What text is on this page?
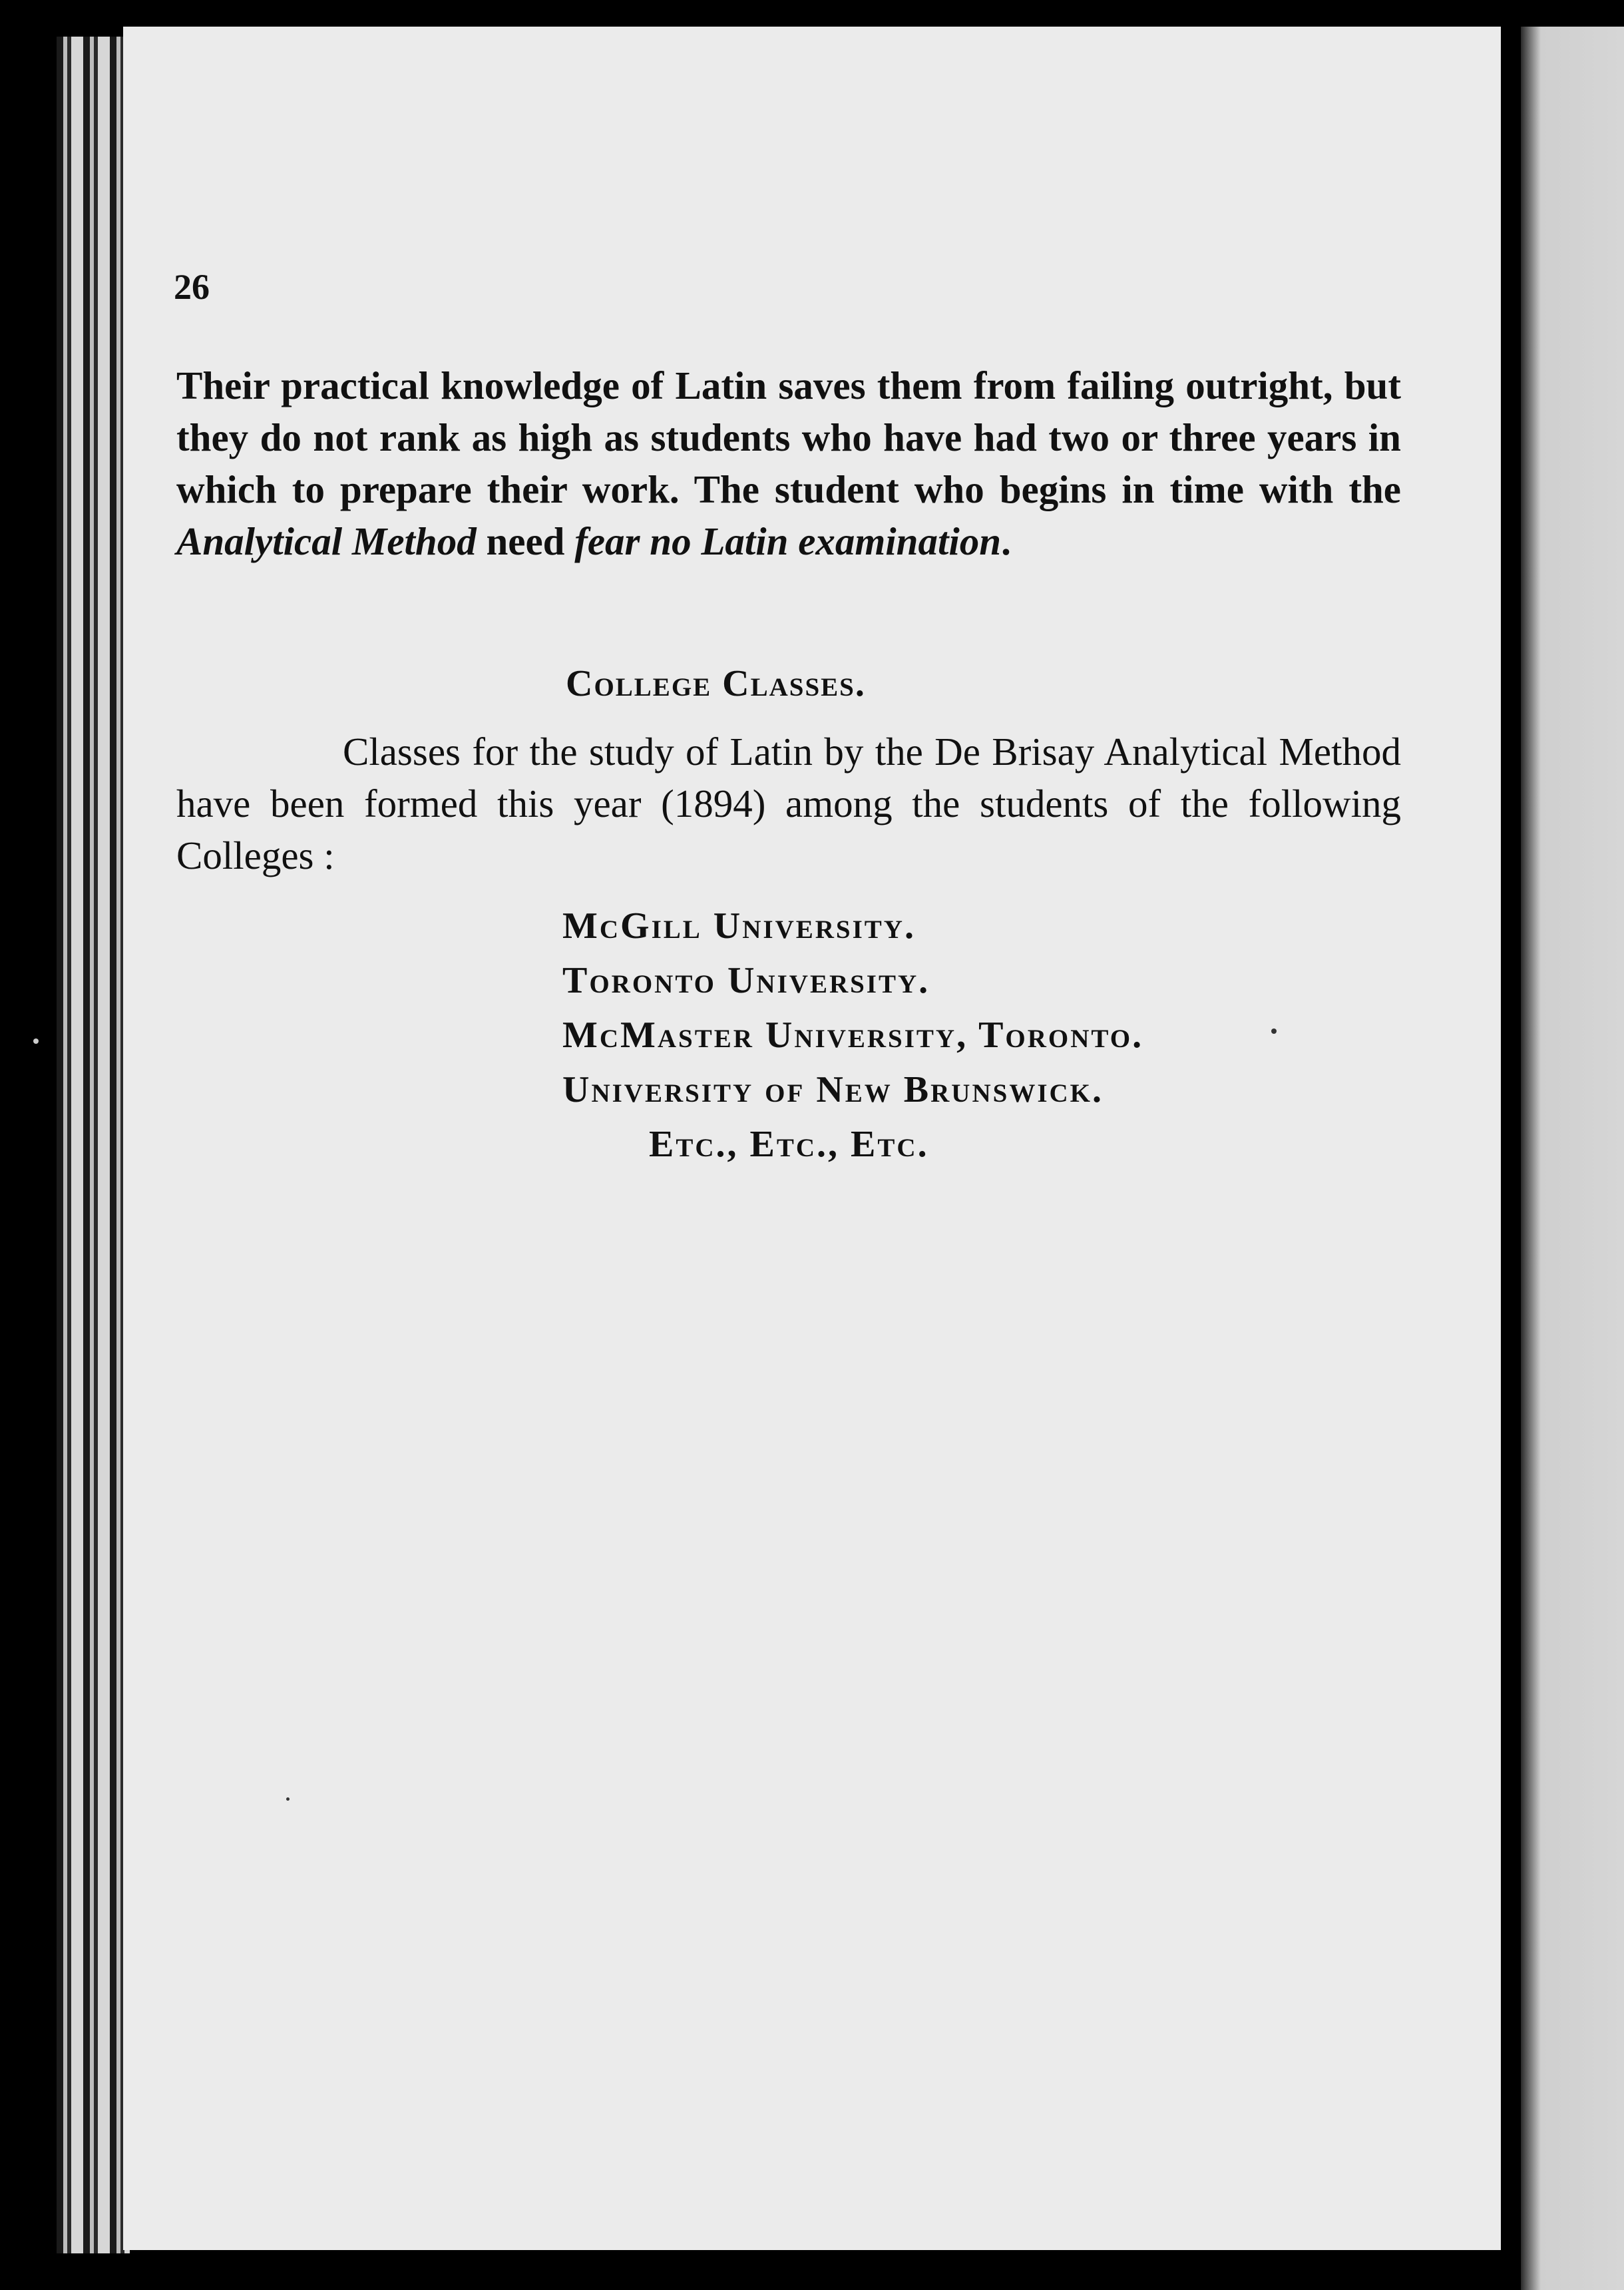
26
Their practical knowledge of Latin saves them from failing outright, but they do not rank as high as students who have had two or three years in which to prepare their work. The student who begins in time with the Analytical Method need fear no Latin examination.
College Classes.
Classes for the study of Latin by the De Brisay Analytical Method have been formed this year (1894) among the students of the following Colleges :
McGill University.
Toronto University.
McMaster University, Toronto.
University of New Brunswick.
Etc., Etc., Etc.
